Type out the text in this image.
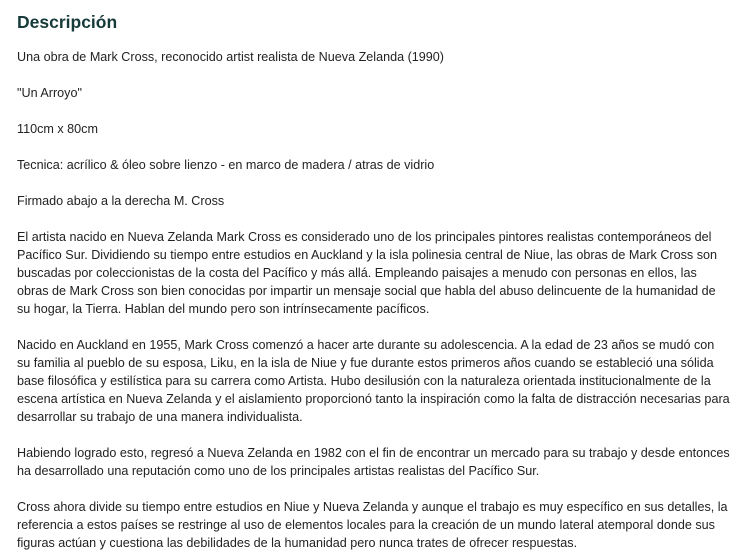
Descripción

Una obra de Mark Cross, reconocido artist realista de Nueva Zelanda (1990)

"Un Arroyo"

110cm x 80cm

Tecnica: acrílico & óleo sobre lienzo - en marco de madera / atras de vidrio

Firmado abajo a la derecha M. Cross

El artista nacido en Nueva Zelanda Mark Cross es considerado uno de los principales pintores realistas contemporáneos del Pacífico Sur. Dividiendo su tiempo entre estudios en Auckland y la isla polinesia central de Niue, las obras de Mark Cross son buscadas por coleccionistas de la costa del Pacífico y más allá. Empleando paisajes a menudo con personas en ellos, las obras de Mark Cross son bien conocidas por impartir un mensaje social que habla del abuso delincuente de la humanidad de su hogar, la Tierra. Hablan del mundo pero son intrínsecamente pacíficos.

Nacido en Auckland en 1955, Mark Cross comenzó a hacer arte durante su adolescencia. A la edad de 23 años se mudó con su familia al pueblo de su esposa, Liku, en la isla de Niue y fue durante estos primeros años cuando se estableció una sólida base filosófica y estilística para su carrera como Artista. Hubo desilusión con la naturaleza orientada institucionalmente de la escena artística en Nueva Zelanda y el aislamiento proporcionó tanto la inspiración como la falta de distracción necesarias para desarrollar su trabajo de una manera individualista.

Habiendo logrado esto, regresó a Nueva Zelanda en 1982 con el fin de encontrar un mercado para su trabajo y desde entonces ha desarrollado una reputación como uno de los principales artistas realistas del Pacífico Sur.

Cross ahora divide su tiempo entre estudios en Niue y Nueva Zelanda y aunque el trabajo es muy específico en sus detalles, la referencia a estos países se restringe al uso de elementos locales para la creación de un mundo lateral atemporal donde sus figuras actúan y cuestiona las debilidades de la humanidad pero nunca trates de ofrecer respuestas.
